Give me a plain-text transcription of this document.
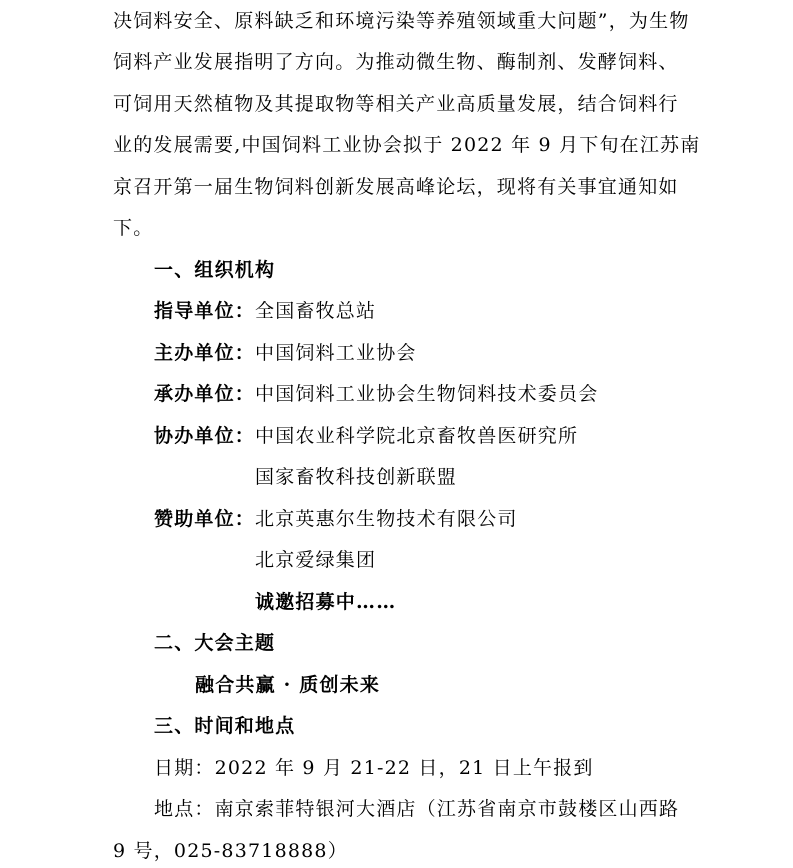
决饲料安全、原料缺乏和环境污染等养殖领域重大问题”，为生物
饲料产业发展指明了方向。为推动微生物、酶制剂、发酵饲料、
可饲用天然植物及其提取物等相关产业高质量发展，结合饲料行
业的发展需要,中国饲料工业协会拟于 2022 年 9 月下旬在江苏南
京召开第一届生物饲料创新发展高峰论坛，现将有关事宜通知如
下。
一、组织机构
指导单位： 全国畜牧总站
主办单位： 中国饲料工业协会
承办单位： 中国饲料工业协会生物饲料技术委员会
协办单位： 中国农业科学院北京畜牧兽医研究所
国家畜牧科技创新联盟
赞助单位： 北京英惠尔生物技术有限公司
北京爱绿集团
诚邀招募中……
二、大会主题
融合共赢 · 质创未来
三、时间和地点
日期：2022 年 9 月 21-22 日，21 日上午报到
地点：南京索菲特银河大酒店（江苏省南京市鼓楼区山西路
9 号，025-83718888）
